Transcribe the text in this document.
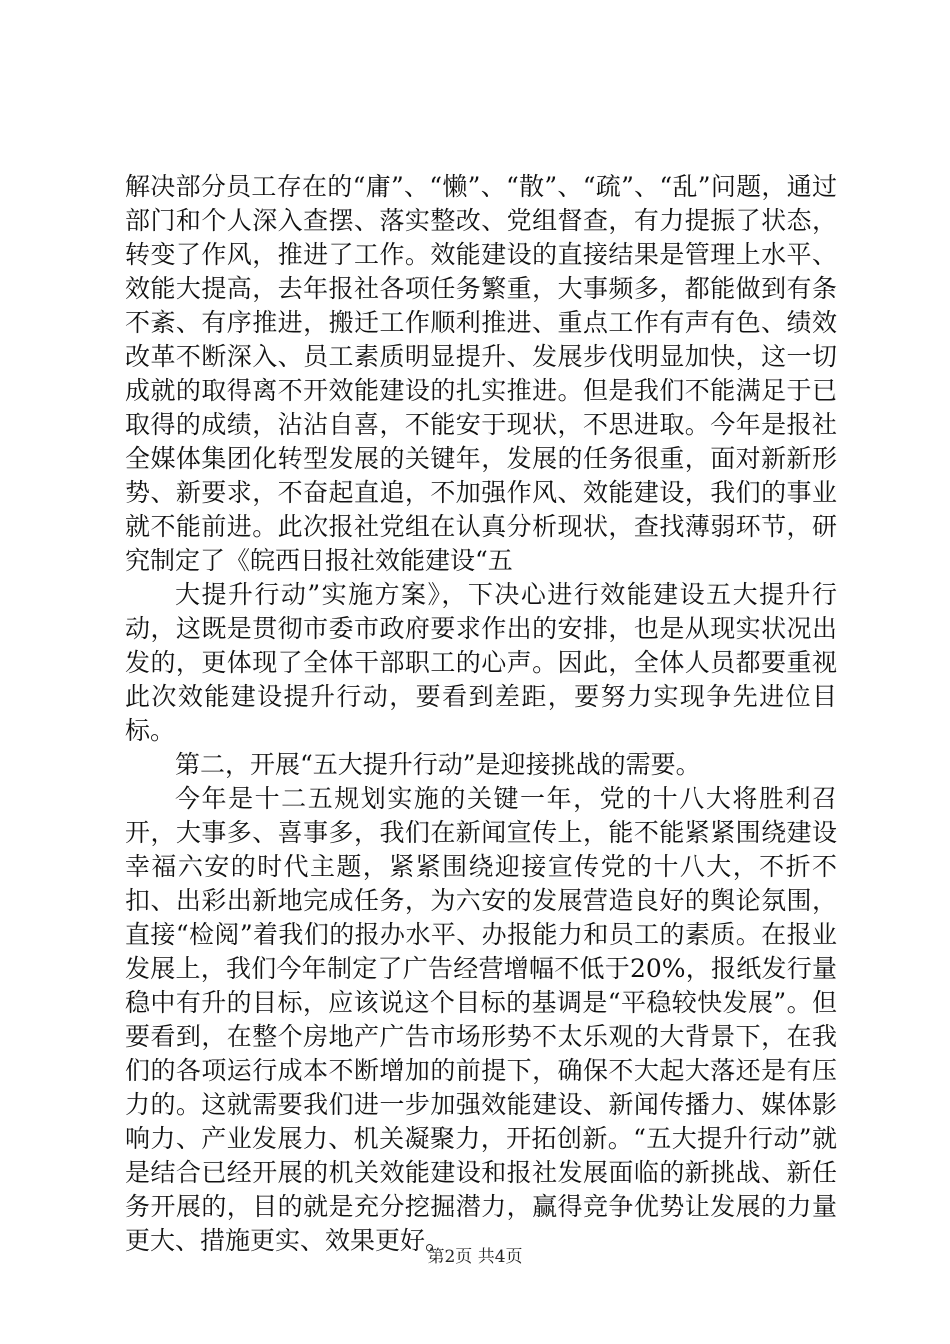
解决部分员工存在的“庸”、“懒”、“散”、“疏”、“乱”问题，通过部门和个人深入查摆、落实整改、党组督查，有力提振了状态，转变了作风，推进了工作。效能建设的直接结果是管理上水平、效能大提高，去年报社各项任务繁重，大事频多，都能做到有条不紊、有序推进，搬迁工作顺利推进、重点工作有声有色、绩效改革不断深入、员工素质明显提升、发展步伐明显加快，这一切成就的取得离不开效能建设的扎实推进。但是我们不能满足于已取得的成绩，沾沾自喜，不能安于现状，不思进取。今年是报社全媒体集团化转型发展的关键年，发展的任务很重，面对新新形势、新要求，不奋起直追，不加强作风、效能建设，我们的事业就不能前进。此次报社党组在认真分析现状，查找薄弱环节，研究制定了《皖西日报社效能建设“五

大提升行动”实施方案》，下决心进行效能建设五大提升行动，这既是贯彻市委市政府要求作出的安排，也是从现实状况出发的，更体现了全体干部职工的心声。因此，全体人员都要重视此次效能建设提升行动，要看到差距，要努力实现争先进位目标。

第二，开展“五大提升行动”是迎接挑战的需要。

今年是十二五规划实施的关键一年，党的十八大将胜利召开，大事多、喜事多，我们在新闻宣传上，能不能紧紧围绕建设幸福六安的时代主题，紧紧围绕迎接宣传党的十八大，不折不扣、出彩出新地完成任务，为六安的发展营造良好的舆论氛围，直接“检阅”着我们的报办水平、办报能力和员工的素质。在报业发展上，我们今年制定了广告经营增幅不低于20%，报纸发行量稳中有升的目标，应该说这个目标的基调是“平稳较快发展”。但要看到，在整个房地产广告市场形势不太乐观的大背景下，在我们的各项运行成本不断增加的前提下，确保不大起大落还是有压力的。这就需要我们进一步加强效能建设、新闻传播力、媒体影响力、产业发展力、机关凝聚力，开拓创新。“五大提升行动”就是结合已经开展的机关效能建设和报社发展面临的新挑战、新任务开展的，目的就是充分挖掘潜力，赢得竞争优势让发展的力量更大、措施更实、效果更好。

第2页 共4页
